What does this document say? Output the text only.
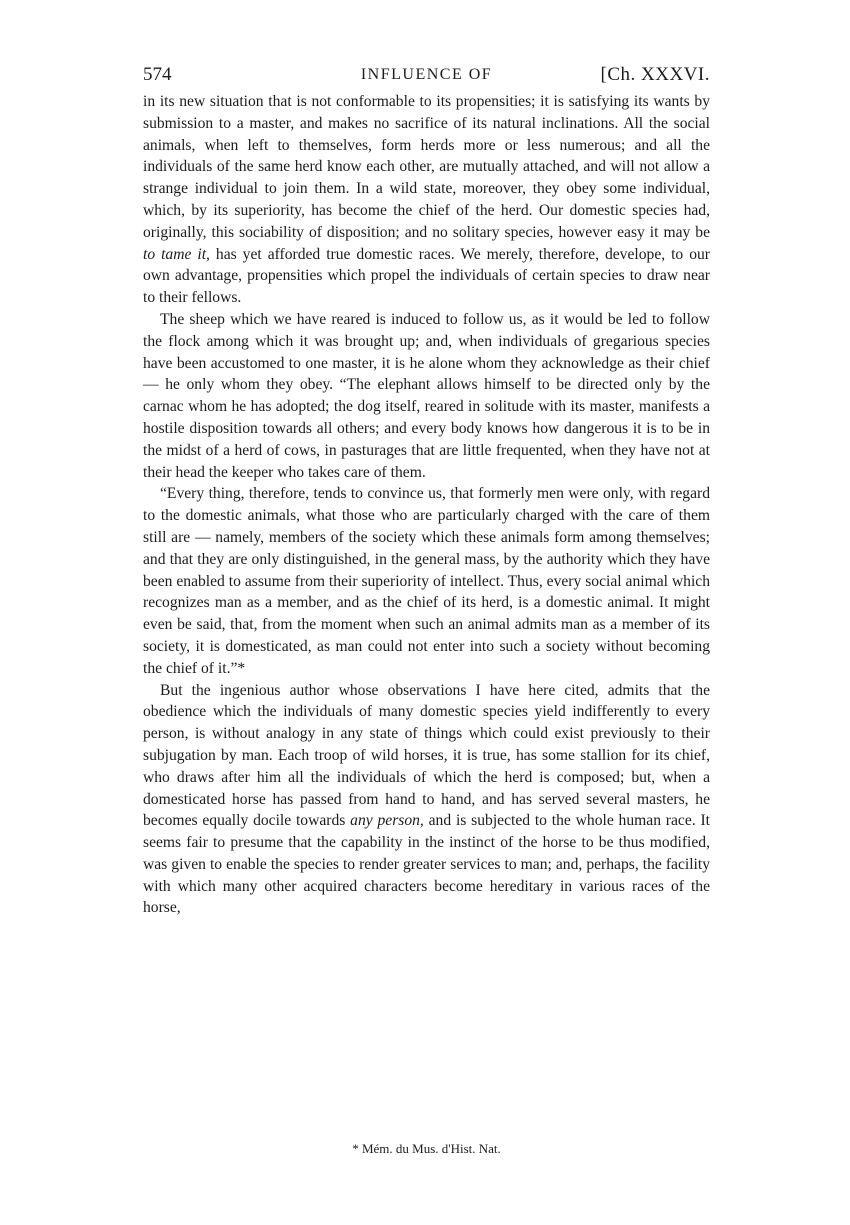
574	INFLUENCE OF	[Ch. XXXVI.

in its new situation that is not conformable to its propensities; it is satisfying its wants by submission to a master, and makes no sacrifice of its natural inclinations. All the social animals, when left to themselves, form herds more or less numerous; and all the individuals of the same herd know each other, are mutually attached, and will not allow a strange individual to join them. In a wild state, moreover, they obey some individual, which, by its superiority, has become the chief of the herd. Our domestic species had, originally, this sociability of disposition; and no solitary species, however easy it may be to tame it, has yet afforded true domestic races. We merely, therefore, develope, to our own advantage, propensities which propel the individuals of certain species to draw near to their fellows.

The sheep which we have reared is induced to follow us, as it would be led to follow the flock among which it was brought up; and, when individuals of gregarious species have been accustomed to one master, it is he alone whom they acknowledge as their chief — he only whom they obey. “The elephant allows himself to be directed only by the carnac whom he has adopted; the dog itself, reared in solitude with its master, manifests a hostile disposition towards all others; and every body knows how dangerous it is to be in the midst of a herd of cows, in pasturages that are little frequented, when they have not at their head the keeper who takes care of them.

“Every thing, therefore, tends to convince us, that formerly men were only, with regard to the domestic animals, what those who are particularly charged with the care of them still are — namely, members of the society which these animals form among themselves; and that they are only distinguished, in the general mass, by the authority which they have been enabled to assume from their superiority of intellect. Thus, every social animal which recognizes man as a member, and as the chief of its herd, is a domestic animal. It might even be said, that, from the moment when such an animal admits man as a member of its society, it is domesticated, as man could not enter into such a society without becoming the chief of it.”*

But the ingenious author whose observations I have here cited, admits that the obedience which the individuals of many domestic species yield indifferently to every person, is without analogy in any state of things which could exist previously to their subjugation by man. Each troop of wild horses, it is true, has some stallion for its chief, who draws after him all the individuals of which the herd is composed; but, when a domesticated horse has passed from hand to hand, and has served several masters, he becomes equally docile towards any person, and is subjected to the whole human race. It seems fair to presume that the capability in the instinct of the horse to be thus modified, was given to enable the species to render greater services to man; and, perhaps, the facility with which many other acquired characters become hereditary in various races of the horse,

* Mém. du Mus. d'Hist. Nat.
